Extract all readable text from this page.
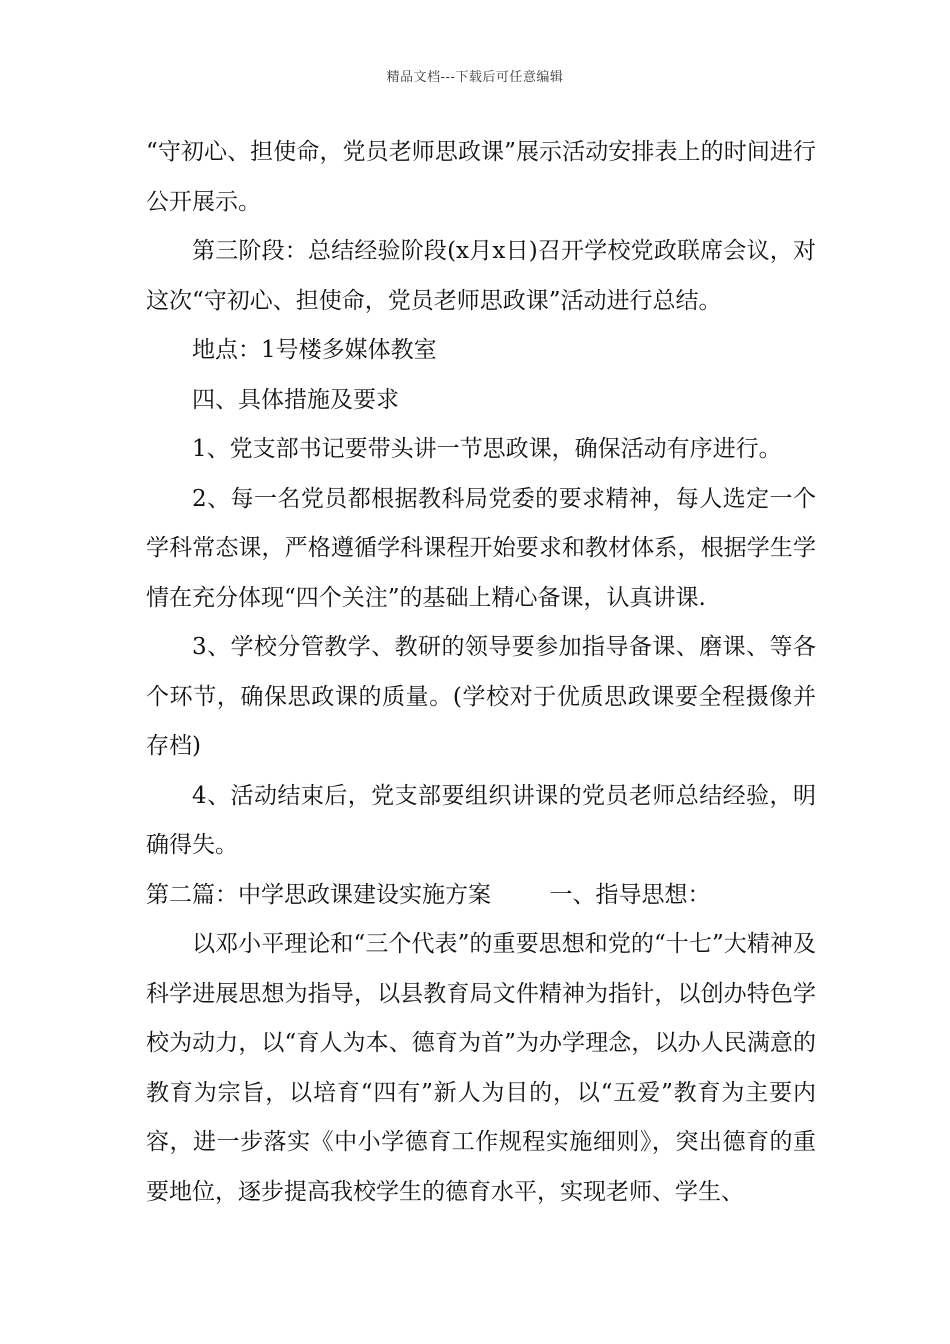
精品文档---下载后可任意编辑

“守初心、担使命，党员老师思政课”展示活动安排表上的时间进行公开展示。

第三阶段：总结经验阶段(x月x日)召开学校党政联席会议，对这次“守初心、担使命，党员老师思政课”活动进行总结。

地点：1号楼多媒体教室

四、具体措施及要求

1、党支部书记要带头讲一节思政课，确保活动有序进行。

2、每一名党员都根据教科局党委的要求精神，每人选定一个学科常态课，严格遵循学科课程开始要求和教材体系，根据学生学情在充分体现“四个关注”的基础上精心备课，认真讲课.

3、学校分管教学、教研的领导要参加指导备课、磨课、等各个环节，确保思政课的质量。(学校对于优质思政课要全程摄像并存档)

4、活动结束后，党支部要组织讲课的党员老师总结经验，明确得失。

第二篇：中学思政课建设实施方案        一、指导思想：

以邓小平理论和“三个代表”的重要思想和党的“十七”大精神及科学进展思想为指导，以县教育局文件精神为指针，以创办特色学校为动力，以“育人为本、德育为首”为办学理念，以办人民满意的教育为宗旨，以培育“四有”新人为目的，以“五爱”教育为主要内容，进一步落实《中小学德育工作规程实施细则》，突出德育的重要地位，逐步提高我校学生的德育水平，实现老师、学生、
